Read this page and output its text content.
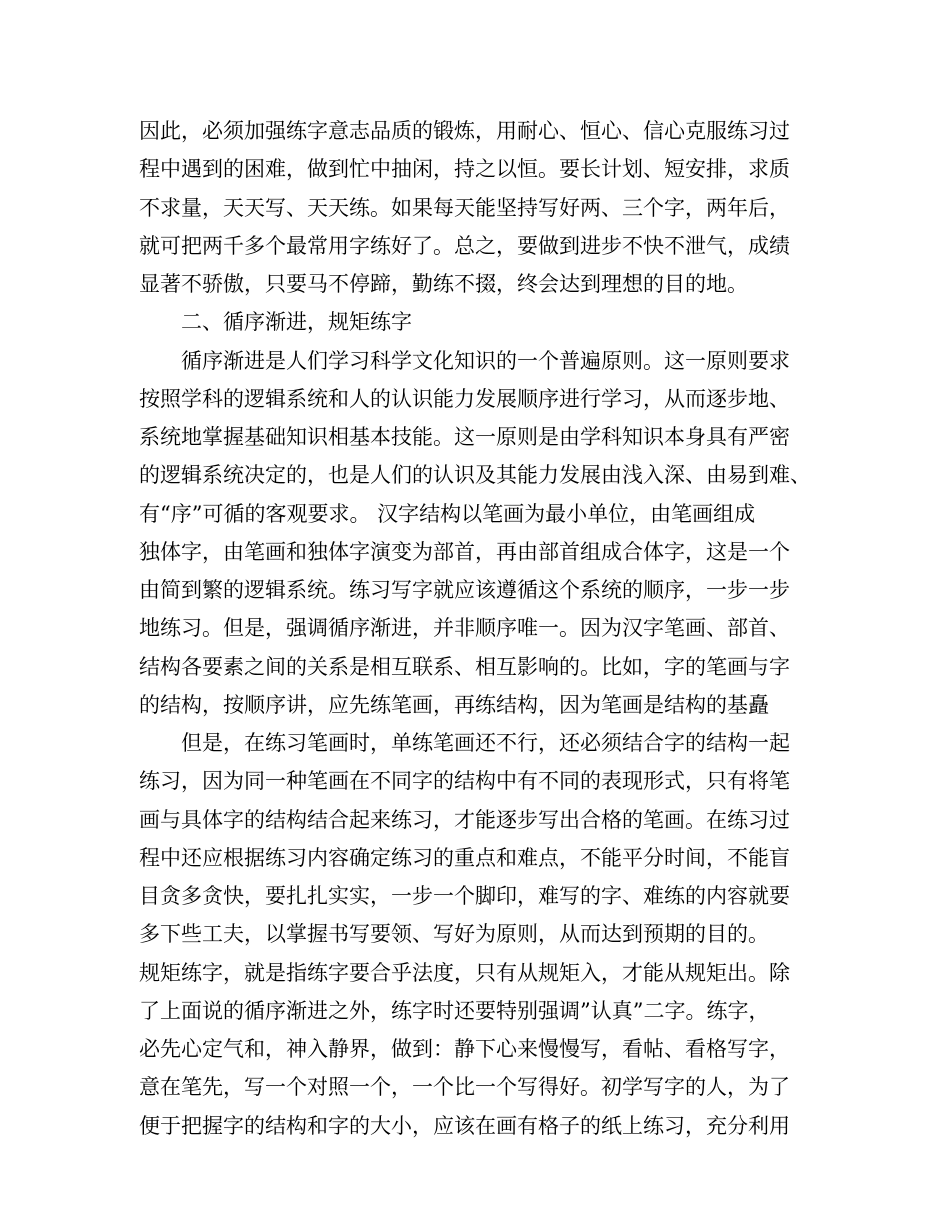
因此，必须加强练字意志品质的锻炼，用耐心、恒心、信心克服练习过
程中遇到的困难，做到忙中抽闲，持之以恒。要长计划、短安排，求质
不求量，天天写、天天练。如果每天能坚持写好两、三个字，两年后，
就可把两千多个最常用字练好了。总之，要做到进步不快不泄气，成绩
显著不骄傲，只要马不停蹄，勤练不掇，终会达到理想的目的地。
二、循序渐进，规矩练字
循序渐进是人们学习科学文化知识的一个普遍原则。这一原则要求
按照学科的逻辑系统和人的认识能力发展顺序进行学习，从而逐步地、
系统地掌握基础知识相基本技能。这一原则是由学科知识本身具有严密
的逻辑系统决定的，也是人们的认识及其能力发展由浅入深、由易到难、
有“序”可循的客观要求。 汉字结构以笔画为最小单位，由笔画组成
独体字，由笔画和独体字演变为部首，再由部首组成合体字，这是一个
由简到繁的逻辑系统。练习写字就应该遵循这个系统的顺序，一步一步
地练习。但是，强调循序渐进，并非顺序唯一。因为汉字笔画、部首、
结构各要素之间的关系是相互联系、相互影响的。比如，字的笔画与字
的结构，按顺序讲，应先练笔画，再练结构，因为笔画是结构的基矗
但是，在练习笔画时，单练笔画还不行，还必须结合字的结构一起
练习，因为同一种笔画在不同字的结构中有不同的表现形式，只有将笔
画与具体字的结构结合起来练习，才能逐步写出合格的笔画。在练习过
程中还应根据练习内容确定练习的重点和难点，不能平分时间，不能盲
目贪多贪快，要扎扎实实，一步一个脚印，难写的字、难练的内容就要
多下些工夫，以掌握书写要领、写好为原则，从而达到预期的目的。
规矩练字，就是指练字要合乎法度，只有从规矩入，才能从规矩出。除
了上面说的循序渐进之外，练字时还要特别强调”认真”二字。练字，
必先心定气和，神入静界，做到：静下心来慢慢写，看帖、看格写字，
意在笔先，写一个对照一个，一个比一个写得好。初学写字的人，为了
便于把握字的结构和字的大小，应该在画有格子的纸上练习，充分利用
